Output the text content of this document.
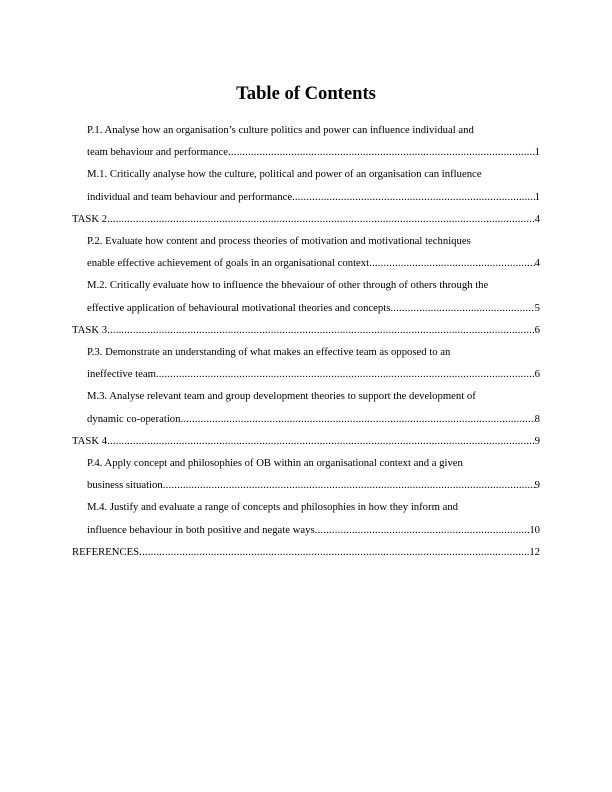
Table of Contents
P.1. Analyse how an organisation’s culture politics and power can influence individual and
team behaviour and performance .....	1
M.1. Critically analyse how the culture, political and power of an organisation can influence
individual and team behaviour and performance .....	1
TASK 2 .....	4
P.2. Evaluate how content and process theories of motivation and motivational techniques
enable effective achievement of goals in an organisational context .....	4
M.2. Critically evaluate how to influence the bhevaiour of other through of others through the
effective application of behavioural motivational theories and concepts .....	5
TASK 3 .....	6
P.3. Demonstrate an understanding of what makes an effective team as opposed to an
ineffective team .....	6
M.3. Analyse relevant team and group development theories to support the development of
dynamic co-operation .....	8
TASK 4 .....	9
P.4. Apply concept and philosophies of OB within an organisational context and a given
business situation .....	9
M.4. Justify and evaluate a range of concepts and philosophies in how they inform and
influence behaviour in both positive and negate ways .....	10
REFERENCES .....	12
